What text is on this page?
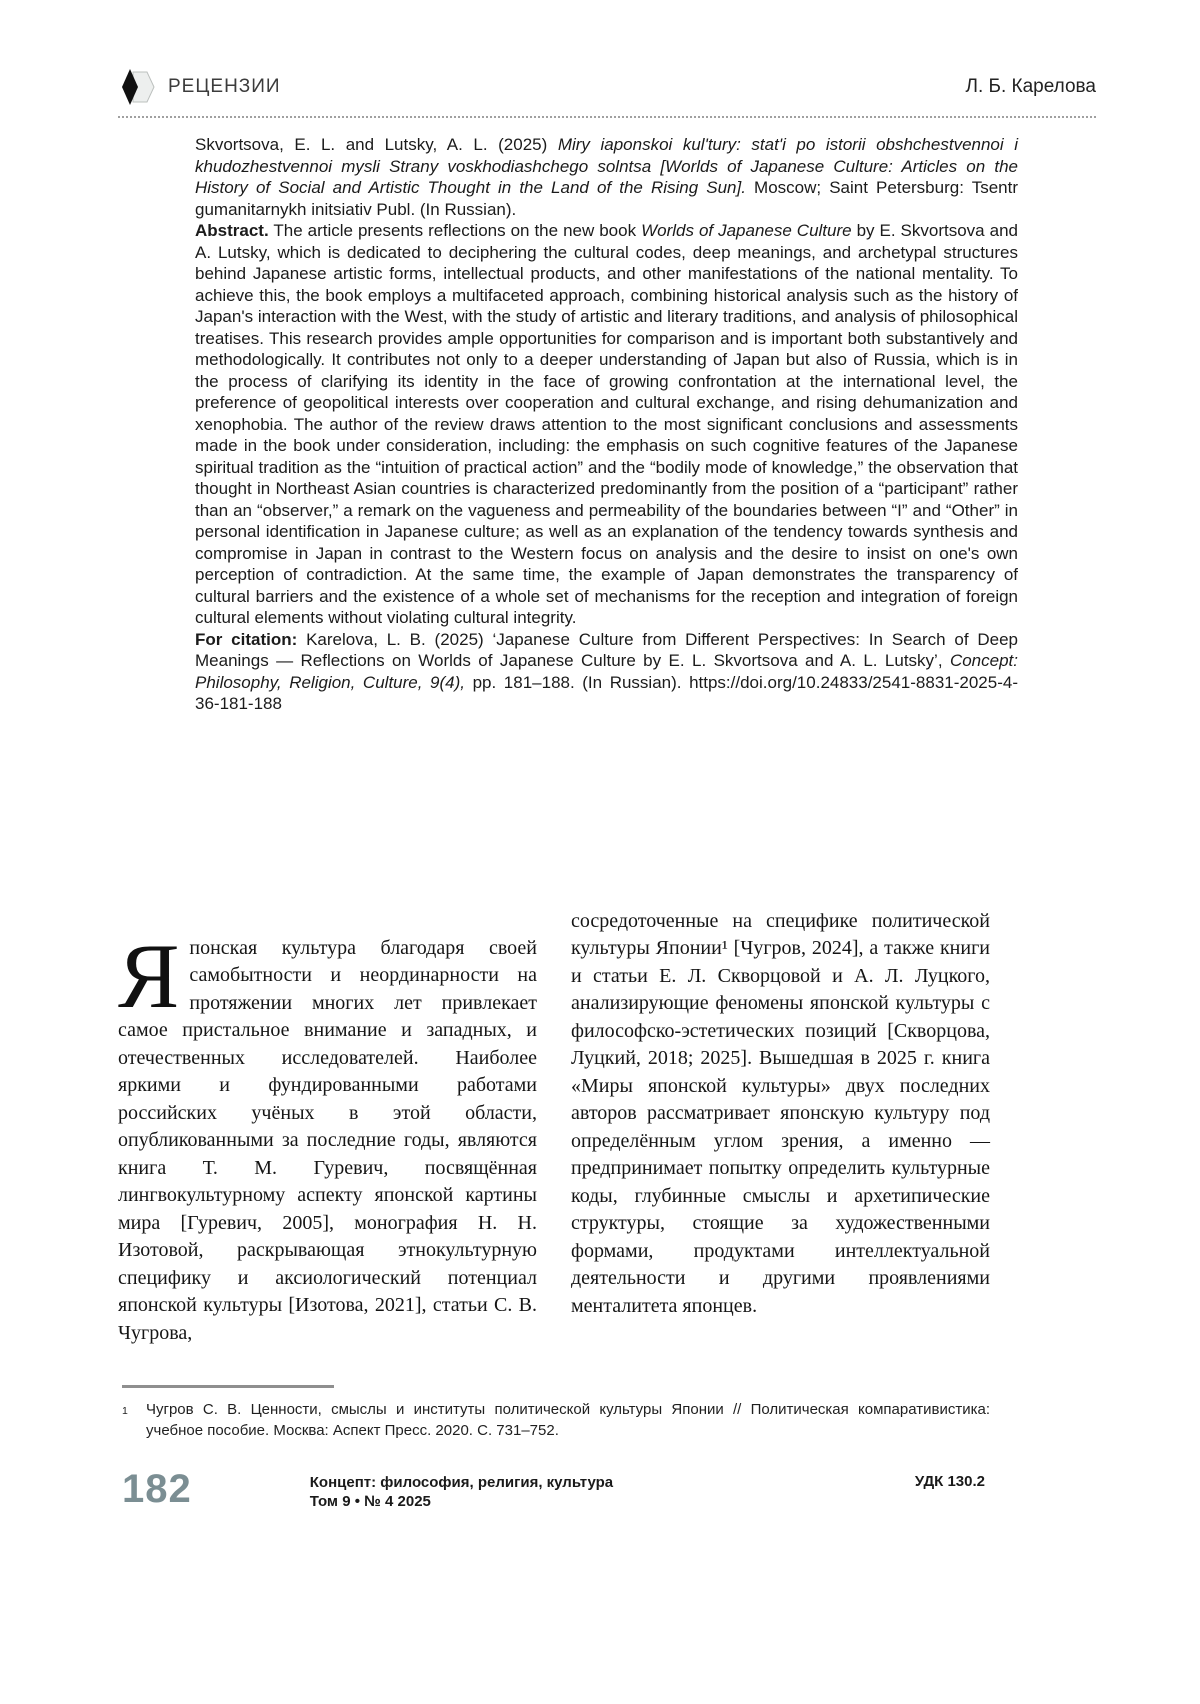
РЕЦЕНЗИИ	Л. Б. Карелова

Skvortsova, E. L. and Lutsky, A. L. (2025) Miry iaponskoi kul'tury: stat'i po istorii obshchestvennoi i khudozhestvennoi mysli Strany voskhodiashchego solntsa [Worlds of Japanese Culture: Articles on the History of Social and Artistic Thought in the Land of the Rising Sun]. Moscow; Saint Petersburg: Tsentr gumanitarnykh initsiativ Publ. (In Russian).

Abstract. The article presents reflections on the new book Worlds of Japanese Culture by E. Skvortsova and A. Lutsky, which is dedicated to deciphering the cultural codes, deep meanings, and archetypal structures behind Japanese artistic forms, intellectual products, and other manifestations of the national mentality. To achieve this, the book employs a multifaceted approach, combining historical analysis such as the history of Japan's interaction with the West, with the study of artistic and literary traditions, and analysis of philosophical treatises. This research provides ample opportunities for comparison and is important both substantively and methodologically. It contributes not only to a deeper understanding of Japan but also of Russia, which is in the process of clarifying its identity in the face of growing confrontation at the international level, the preference of geopolitical interests over cooperation and cultural exchange, and rising dehumanization and xenophobia. The author of the review draws attention to the most significant conclusions and assessments made in the book under consideration, including: the emphasis on such cognitive features of the Japanese spiritual tradition as the “intuition of practical action” and the “bodily mode of knowledge,” the observation that thought in Northeast Asian countries is characterized predominantly from the position of a “participant” rather than an “observer,” a remark on the vagueness and permeability of the boundaries between “I” and “Other” in personal identification in Japanese culture; as well as an explanation of the tendency towards synthesis and compromise in Japan in contrast to the Western focus on analysis and the desire to insist on one's own perception of contradiction. At the same time, the example of Japan demonstrates the transparency of cultural barriers and the existence of a whole set of mechanisms for the reception and integration of foreign cultural elements without violating cultural integrity.

For citation: Karelova, L. B. (2025) ‘Japanese Culture from Different Perspectives: In Search of Deep Meanings — Reflections on Worlds of Japanese Culture by E. L. Skvortsova and A. L. Lutsky’, Concept: Philosophy, Religion, Culture, 9(4), pp. 181–188. (In Russian). https://doi.org/10.24833/2541-8831-2025-4-36-181-188

Японская культура благодаря своей самобытности и неординарности на протяжении многих лет привлекает самое пристальное внимание и западных, и отечественных исследователей. Наиболее яркими и фундированными работами российских учёных в этой области, опубликованными за последние годы, являются книга Т. М. Гуревич, посвящённая лингвокультурному аспекту японской картины мира [Гуревич, 2005], монография Н. Н. Изотовой, раскрывающая этнокультурную специфику и аксиологический потенциал японской культуры [Изотова, 2021], статьи С. В. Чугрова,

сосредоточенные на специфике политической культуры Японии¹ [Чугров, 2024], а также книги и статьи Е. Л. Скворцовой и А. Л. Луцкого, анализирующие феномены японской культуры с философско-эстетических позиций [Скворцова, Луцкий, 2018; 2025]. Вышедшая в 2025 г. книга «Миры японской культуры» двух последних авторов рассматривает японскую культуру под определённым углом зрения, а именно — предпринимает попытку определить культурные коды, глубинные смыслы и архетипические структуры, стоящие за художественными формами, продуктами интеллектуальной деятельности и другими проявлениями менталитета японцев.

1	Чугров С. В. Ценности, смыслы и институты политической культуры Японии // Политическая компаративистика: учебное пособие. Москва: Аспект Пресс. 2020. С. 731–752.
182	Концепт: философия, религия, культура
Том 9 • № 4 2025
УДК 130.2
